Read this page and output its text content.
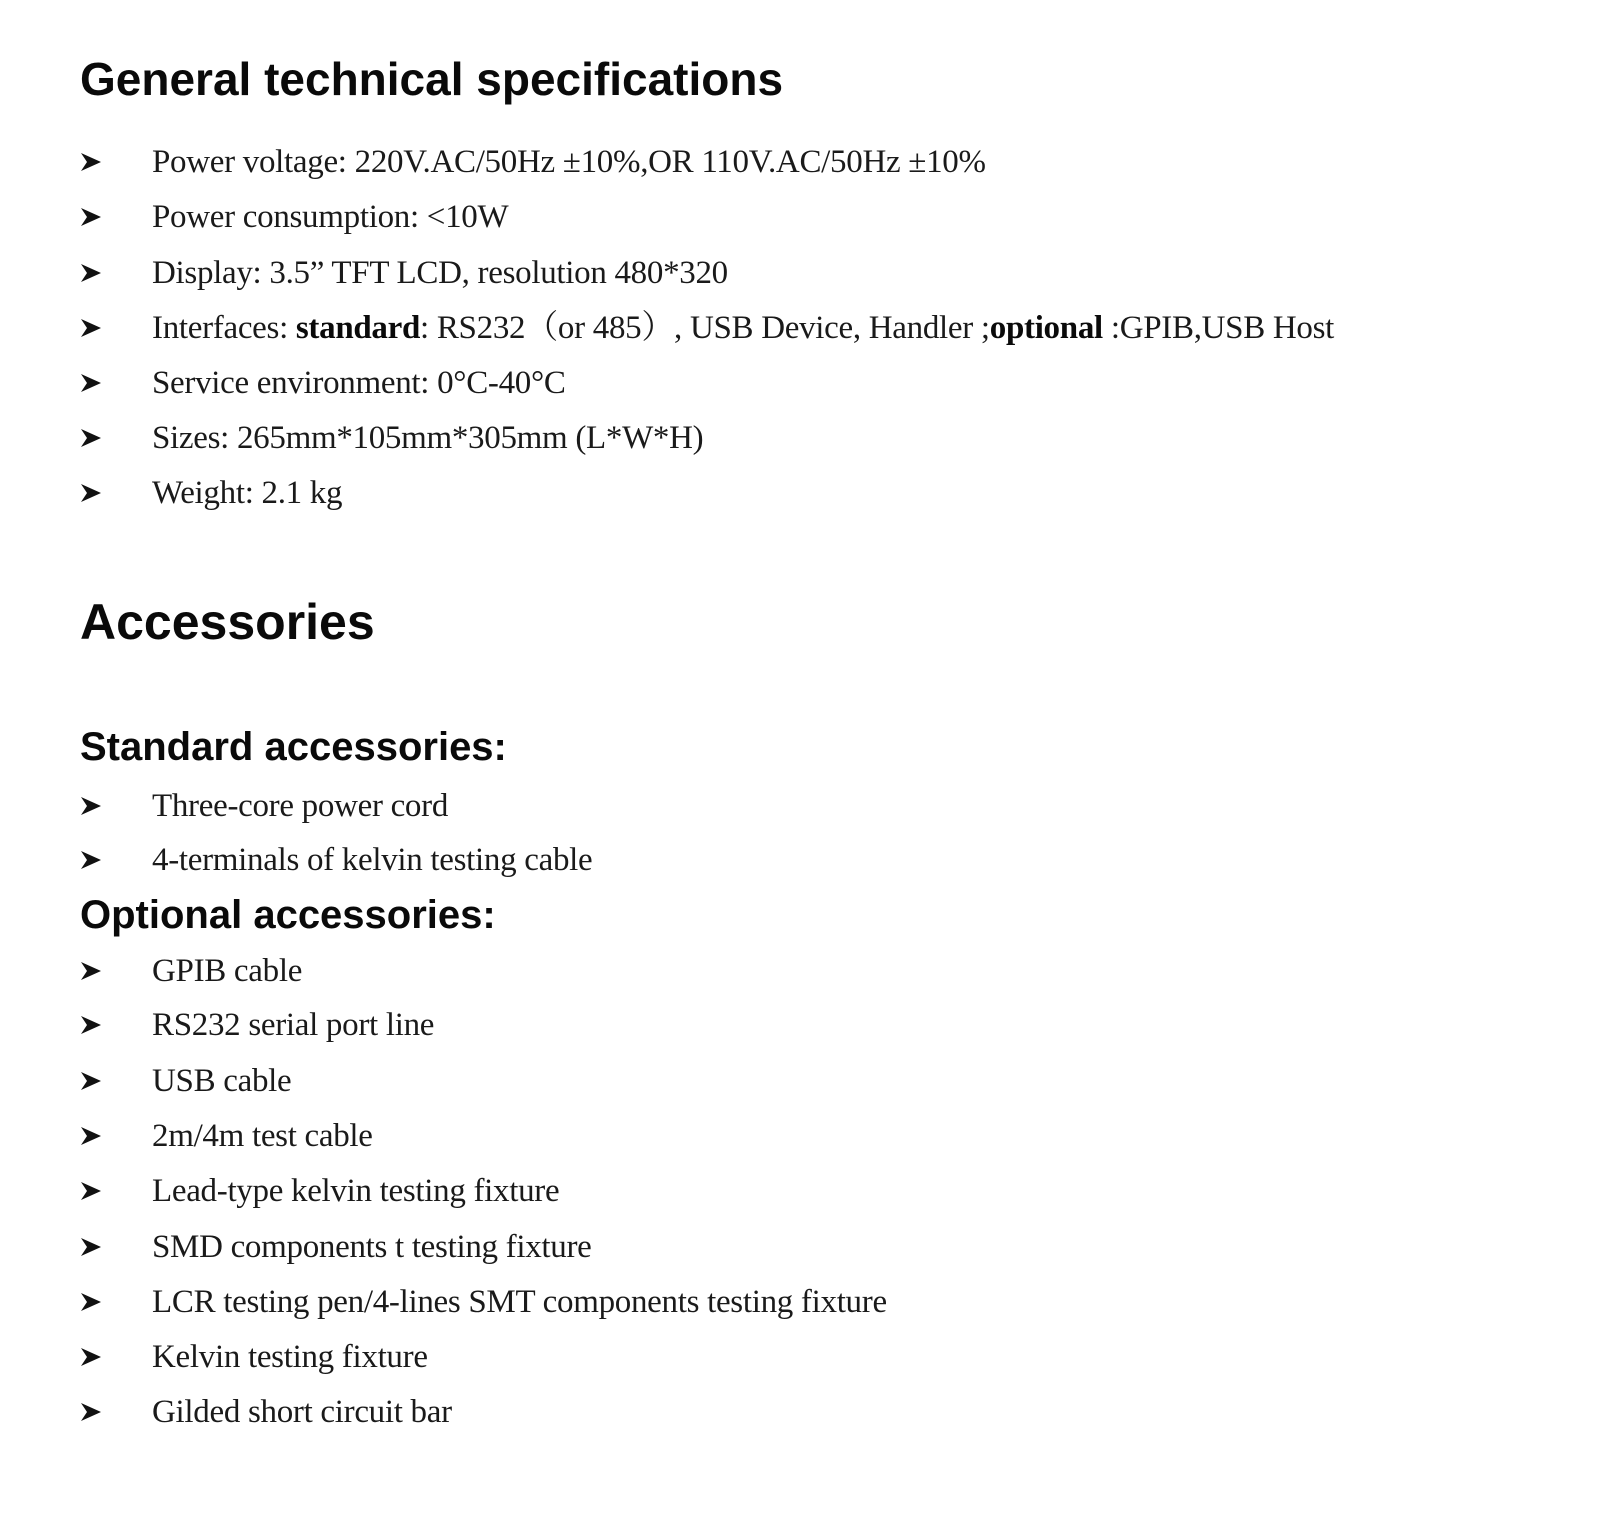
General technical specifications
Power voltage: 220V.AC/50Hz ±10%,OR 110V.AC/50Hz ±10%
Power consumption: <10W
Display: 3.5” TFT LCD, resolution 480*320
Interfaces: standard: RS232（or 485）, USB Device, Handler ;optional :GPIB,USB Host
Service environment: 0°C-40°C
Sizes: 265mm*105mm*305mm (L*W*H)
Weight: 2.1 kg
Accessories
Standard accessories:
Three-core power cord
4-terminals of kelvin testing cable
Optional accessories:
GPIB cable
RS232 serial port line
USB cable
2m/4m test cable
Lead-type kelvin testing fixture
SMD components t testing fixture
LCR testing pen/4-lines SMT components testing fixture
Kelvin testing fixture
Gilded short circuit bar
